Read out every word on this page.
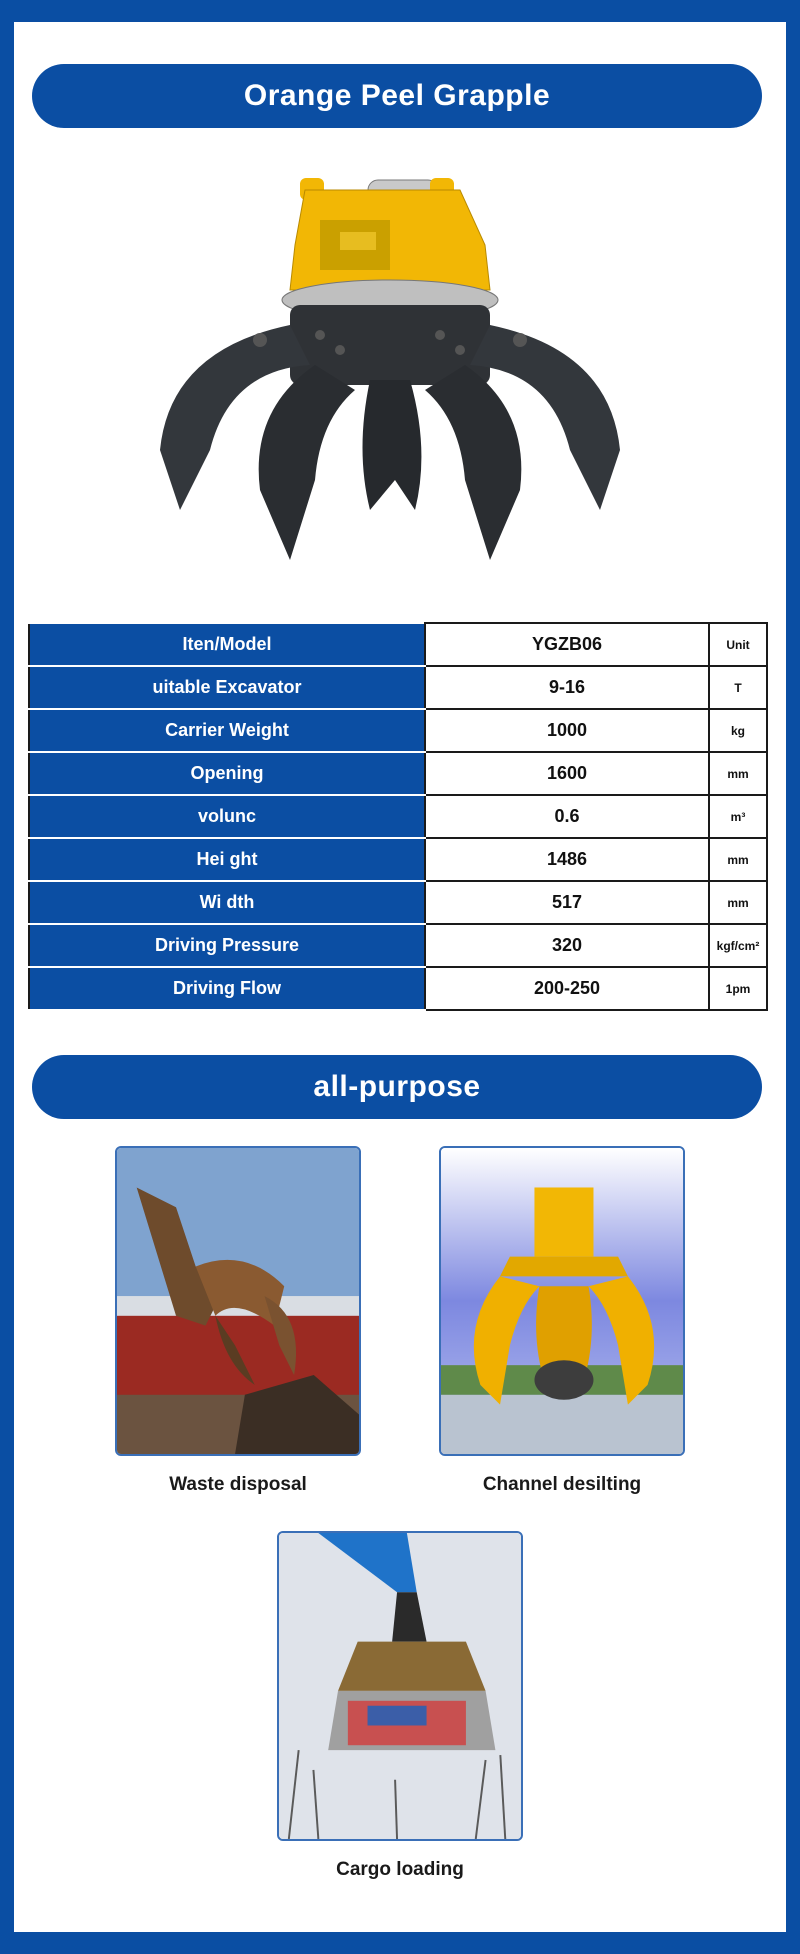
Orange Peel Grapple
Iten/Model	YGZB06	Unit
uitable Excavator	9-16	T
Carrier Weight	1000	kg
Opening	1600	mm
volunc	0.6	m³
Hei ght	1486	mm
Wi dth	517	mm
Driving Pressure	320	kgf/cm²
Driving Flow	200-250	1pm
all-purpose
Waste disposal	Channel desilting
Cargo loading
